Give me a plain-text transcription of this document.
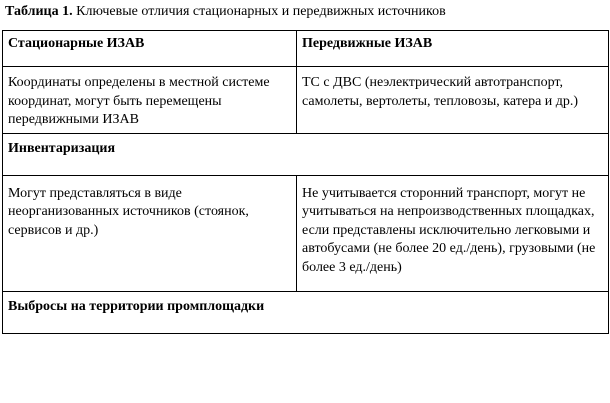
Таблица 1. Ключевые отличия стационарных и передвижных источников
Стационарные ИЗАВ	Передвижные ИЗАВ
Координаты определены в местной системе координат, могут быть перемещены передвижными ИЗАВ	ТС с ДВС (неэлектрический автотранспорт, самолеты, вертолеты, тепловозы, катера и др.)
Инвентаризация	
Могут представляться в виде неорганизованных источников (стоянок, сервисов и др.)	Не учитывается сторонний транспорт, могут не учитываться на непроизводственных площадках, если представлены исключительно легковыми и автобусами (не более 20 ед./день), грузовыми (не более 3 ед./день)
Выбросы на территории промплощадки	
